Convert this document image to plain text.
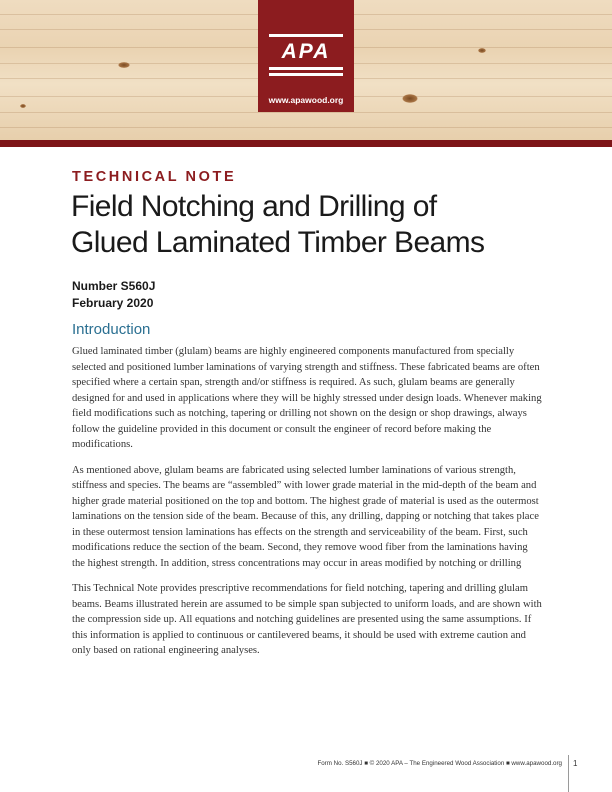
APA
www.apawood.org
TECHNICAL NOTE
Field Notching and Drilling of
Glued Laminated Timber Beams
Number S560J
February 2020
Introduction

Glued laminated timber (glulam) beams are highly engineered components manufactured from specially selected and positioned lumber laminations of varying strength and stiffness. These fabricated beams are often specified where a certain span, strength and/or stiffness is required. As such, glulam beams are generally designed for and used in applications where they will be highly stressed under design loads. Whenever making field modifications such as notching, tapering or drilling not shown on the design or shop drawings, always follow the guideline provided in this document or consult the engineer of record before making the modifications.

As mentioned above, glulam beams are fabricated using selected lumber laminations of various strength, stiffness and species. The beams are “assembled” with lower grade material in the mid-depth of the beam and higher grade material positioned on the top and bottom. The highest grade of material is used as the outermost laminations on the tension side of the beam. Because of this, any drilling, dapping or notching that takes place in these outermost tension laminations has effects on the strength and serviceability of the beam. First, such modifications reduce the section of the beam. Second, they remove wood fiber from the laminations having the highest strength. In addition, stress concentrations may occur in areas modified by notching or drilling

This Technical Note provides prescriptive recommendations for field notching, tapering and drilling glulam beams. Beams illustrated herein are assumed to be simple span subjected to uniform loads, and are shown with the compression side up. All equations and notching guidelines are presented using the same assumptions. If this information is applied to continuous or cantilevered beams, it should be used with extreme caution and only based on rational engineering analyses.

Form No. S560J ■ © 2020 APA – The Engineered Wood Association ■ www.apawood.org 1
